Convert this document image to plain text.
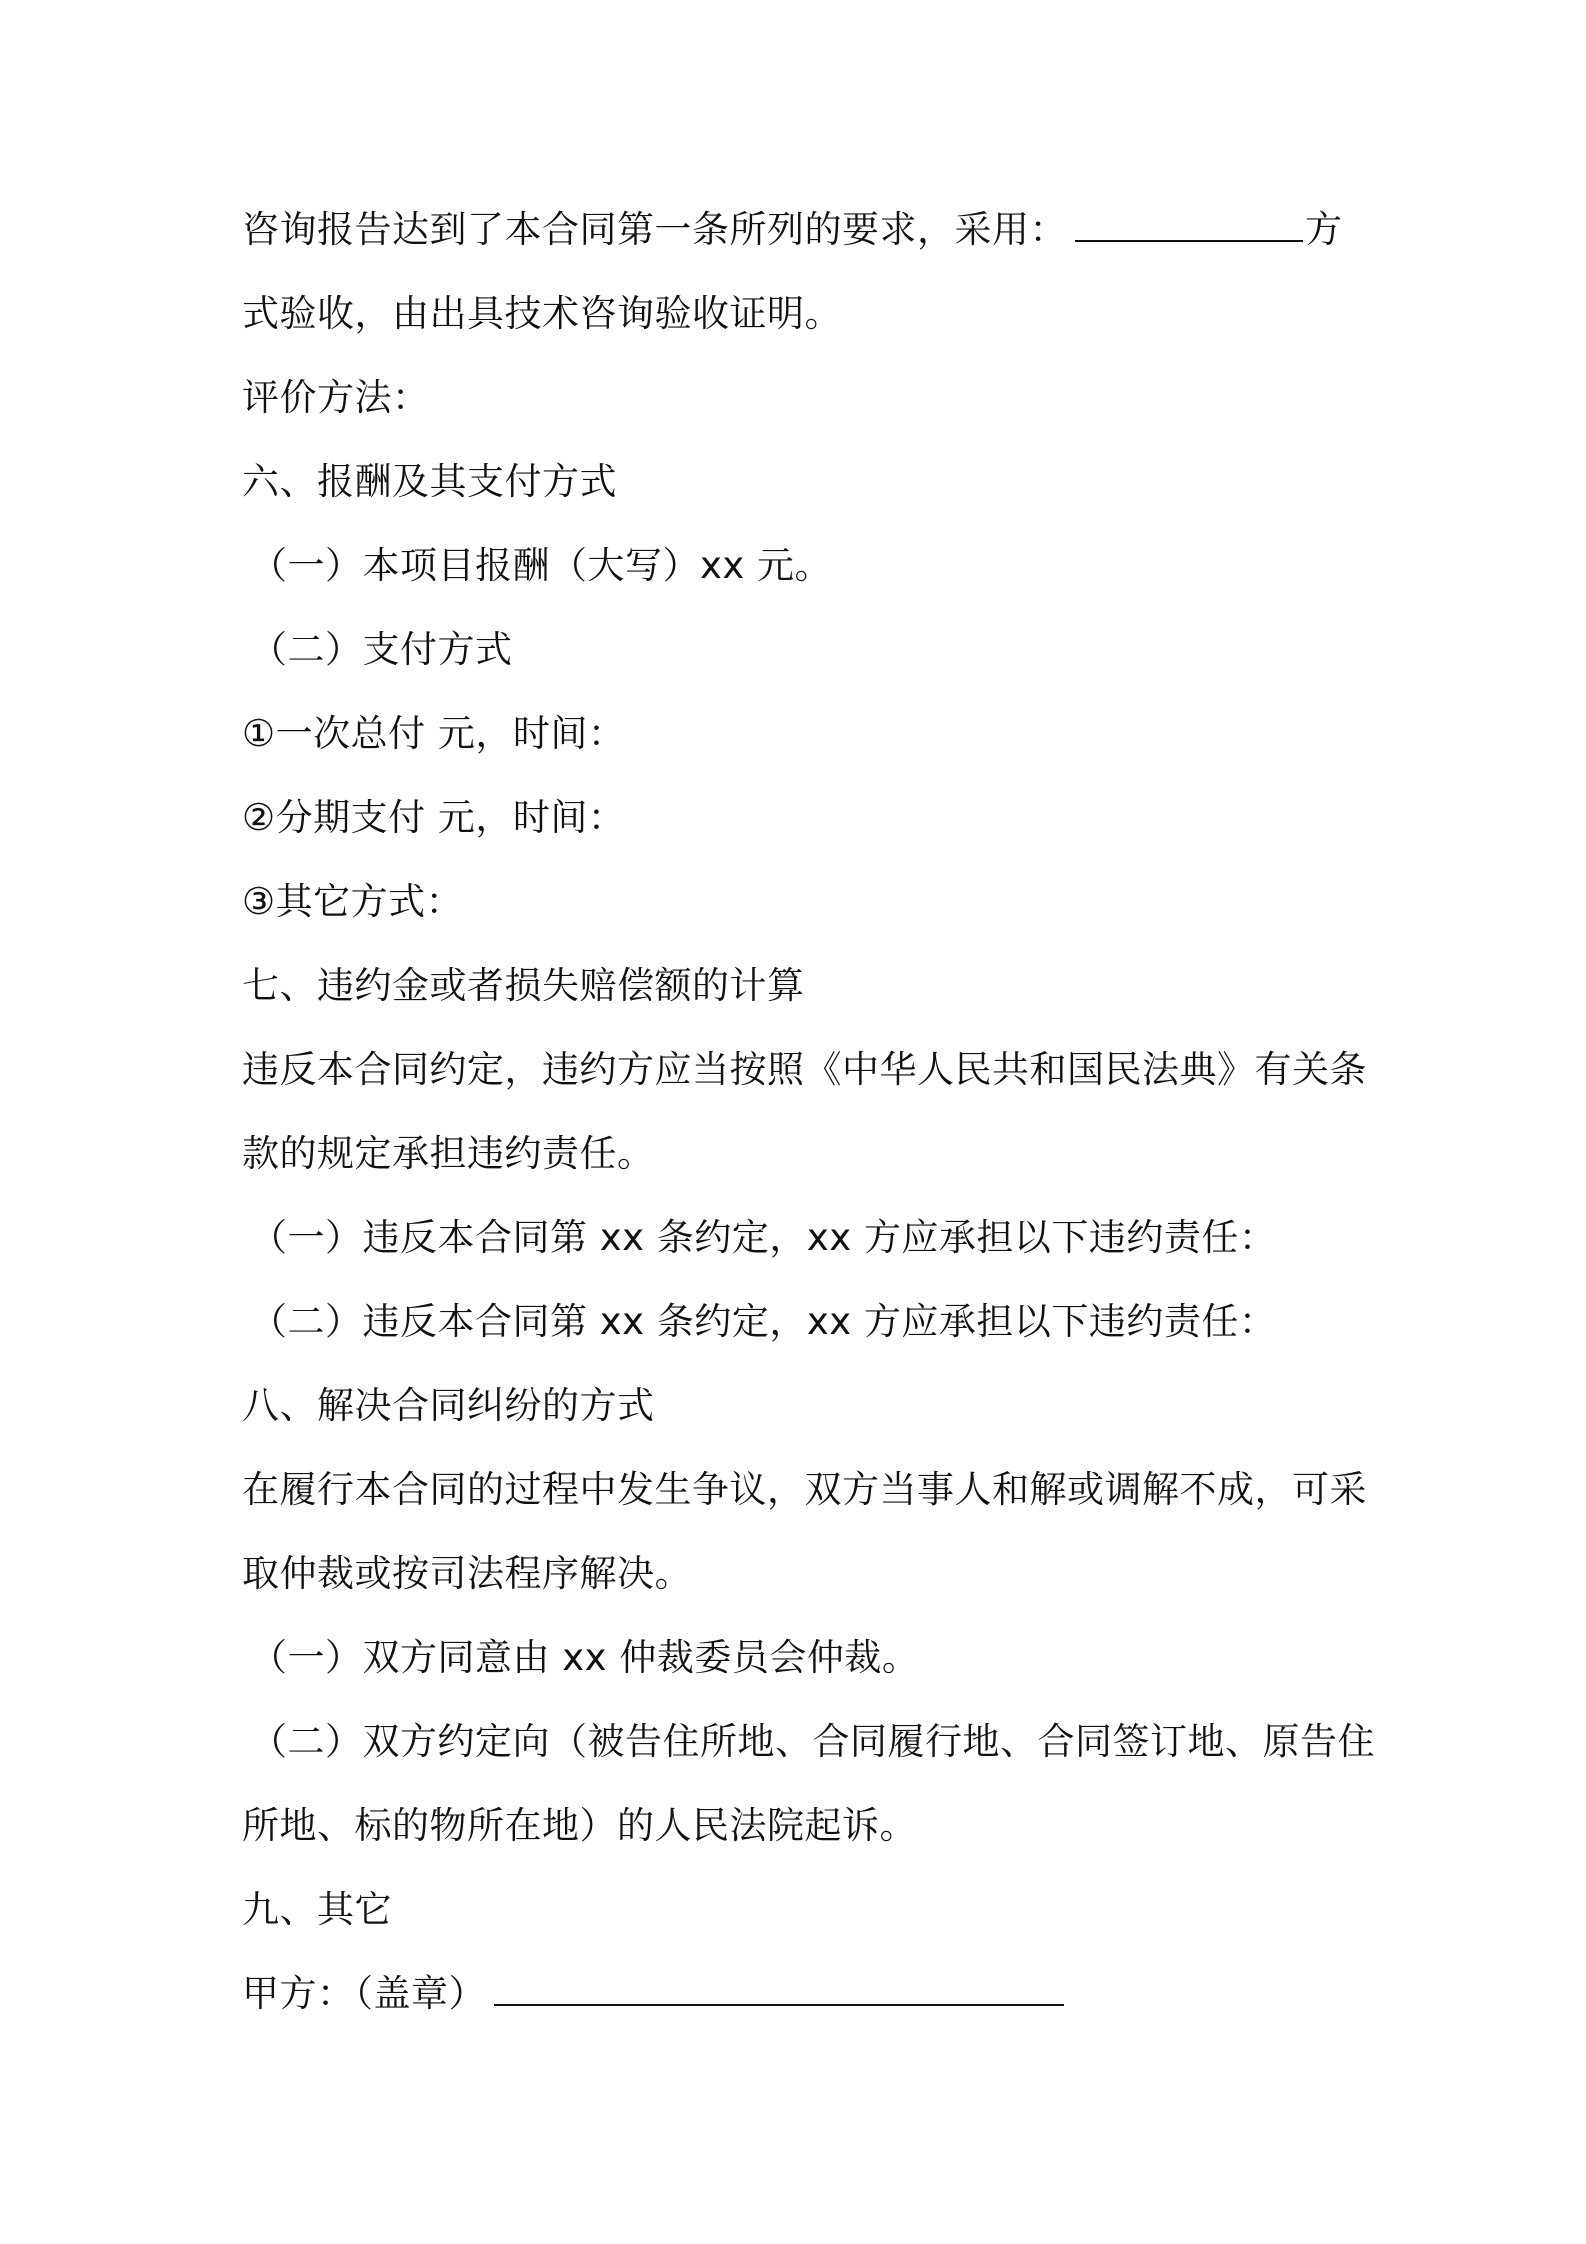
咨询报告达到了本合同第一条所列的要求，采用：	方
式验收，由出具技术咨询验收证明。
评价方法：
六、报酬及其支付方式
（一）本项目报酬（大写）xx 元。
（二）支付方式
①一次总付 元，时间：
②分期支付 元，时间：
③其它方式：
七、违约金或者损失赔偿额的计算
违反本合同约定，违约方应当按照《中华人民共和国民法典》有关条
款的规定承担违约责任。
（一）违反本合同第 xx 条约定，xx 方应承担以下违约责任：
（二）违反本合同第 xx 条约定，xx 方应承担以下违约责任：
八、解决合同纠纷的方式
在履行本合同的过程中发生争议，双方当事人和解或调解不成，可采
取仲裁或按司法程序解决。
（一）双方同意由 xx 仲裁委员会仲裁。
（二）双方约定向（被告住所地、合同履行地、合同签订地、原告住
所地、标的物所在地）的人民法院起诉。
九、其它
甲方：（盖章）
